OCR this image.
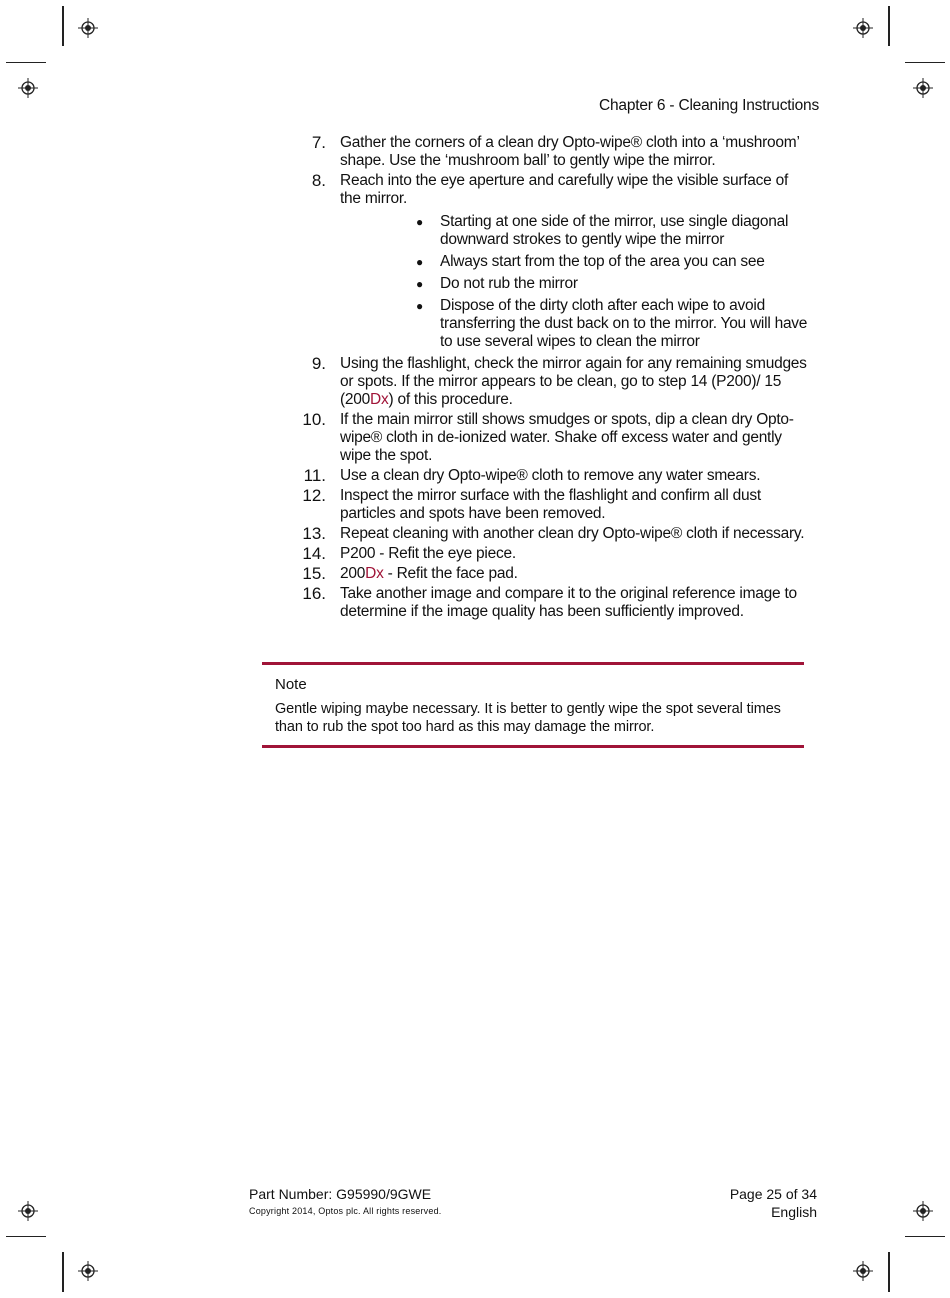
Chapter 6 - Cleaning Instructions
7. Gather the corners of a clean dry Opto-wipe® cloth into a ‘mushroom’ shape. Use the ‘mushroom ball’ to gently wipe the mirror.
8. Reach into the eye aperture and carefully wipe the visible surface of the mirror.
● Starting at one side of the mirror, use single diagonal downward strokes to gently wipe the mirror
● Always start from the top of the area you can see
● Do not rub the mirror
● Dispose of the dirty cloth after each wipe to avoid transferring the dust back on to the mirror. You will have to use several wipes to clean the mirror
9. Using the flashlight, check the mirror again for any remaining smudges or spots. If the mirror appears to be clean, go to step 14 (P200)/ 15 (200Dx) of this procedure.
10. If the main mirror still shows smudges or spots, dip a clean dry Opto-wipe® cloth in de-ionized water. Shake off excess water and gently wipe the spot.
11. Use a clean dry Opto-wipe® cloth to remove any water smears.
12. Inspect the mirror surface with the flashlight and confirm all dust particles and spots have been removed.
13. Repeat cleaning with another clean dry Opto-wipe® cloth if necessary.
14. P200 - Refit the eye piece.
15. 200Dx - Refit the face pad.
16. Take another image and compare it to the original reference image to determine if the image quality has been sufficiently improved.
Note
Gentle wiping maybe necessary. It is better to gently wipe the spot several times than to rub the spot too hard as this may damage the mirror.
Part Number: G95990/9GWE
Copyright 2014, Optos plc. All rights reserved.
Page 25 of 34
English
